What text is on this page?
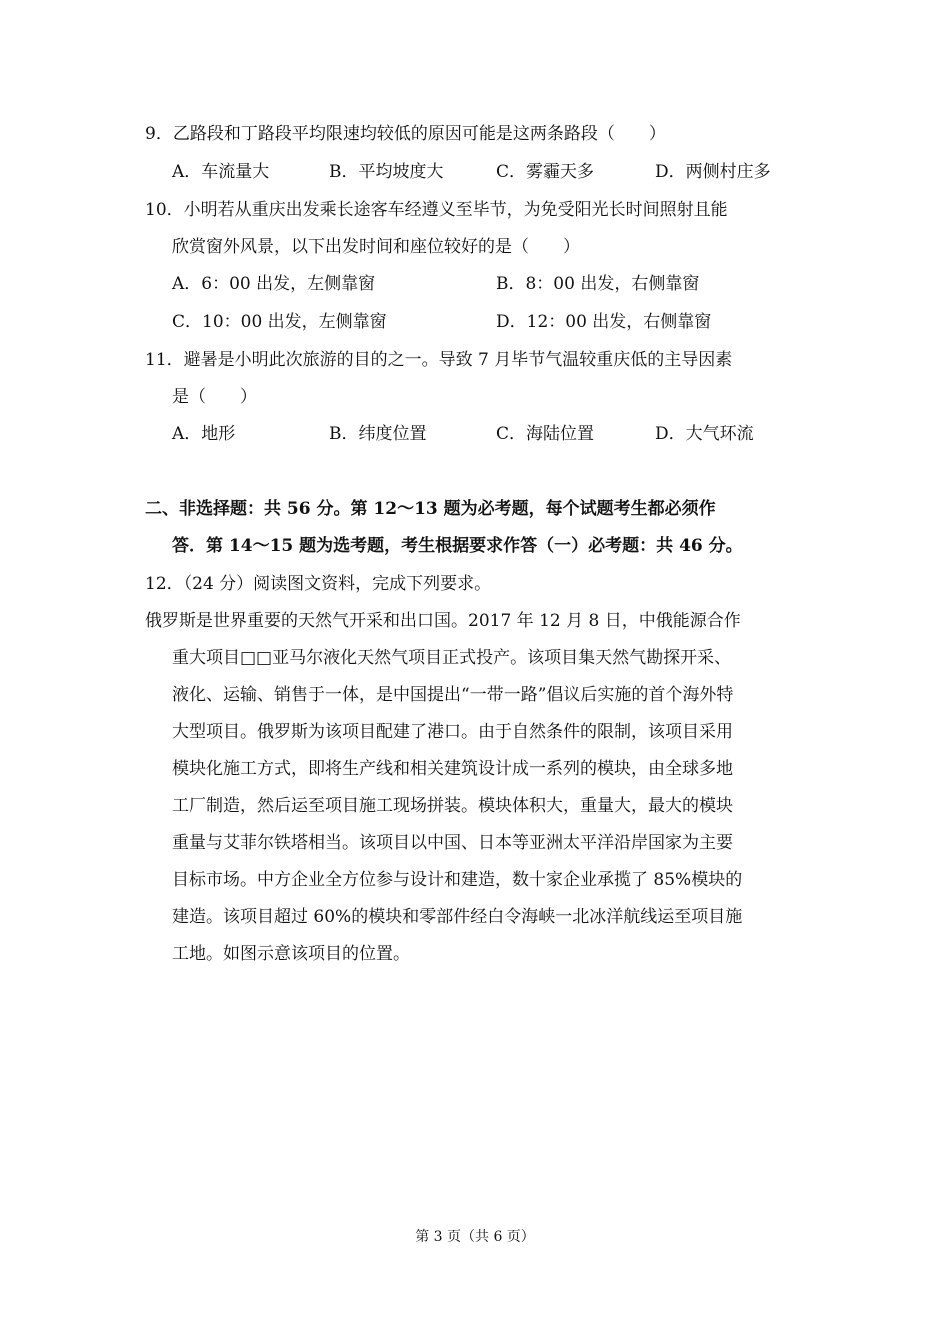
9．乙路段和丁路段平均限速均较低的原因可能是这两条路段（　　）
A．车流量大	B．平均坡度大	C．雾霾天多	D．两侧村庄多
10．小明若从重庆出发乘长途客车经遵义至毕节，为免受阳光长时间照射且能
欣赏窗外风景，以下出发时间和座位较好的是（　　）
A．6：00 出发，左侧靠窗	B．8：00 出发，右侧靠窗
C．10：00 出发，左侧靠窗	D．12：00 出发，右侧靠窗
11．避暑是小明此次旅游的目的之一。导致 7 月毕节气温较重庆低的主导因素
是（　　）
A．地形	B．纬度位置	C．海陆位置	D．大气环流
二、非选择题：共 56 分。第 12～13 题为必考题，每个试题考生都必须作
答．第 14～15 题为选考题，考生根据要求作答（一）必考题：共 46 分。
12．（24 分）阅读图文资料，完成下列要求。
俄罗斯是世界重要的天然气开采和出口国。2017 年 12 月 8 日，中俄能源合作
重大项目□□亚马尔液化天然气项目正式投产。该项目集天然气勘探开采、
液化、运输、销售于一体，是中国提出“一带一路”倡议后实施的首个海外特
大型项目。俄罗斯为该项目配建了港口。由于自然条件的限制，该项目采用
模块化施工方式，即将生产线和相关建筑设计成一系列的模块，由全球多地
工厂制造，然后运至项目施工现场拼装。模块体积大，重量大，最大的模块
重量与艾菲尔铁塔相当。该项目以中国、日本等亚洲太平洋沿岸国家为主要
目标市场。中方企业全方位参与设计和建造，数十家企业承揽了 85%模块的
建造。该项目超过 60%的模块和零部件经白令海峡一北冰洋航线运至项目施
工地。如图示意该项目的位置。
第 3 页（共 6 页）
